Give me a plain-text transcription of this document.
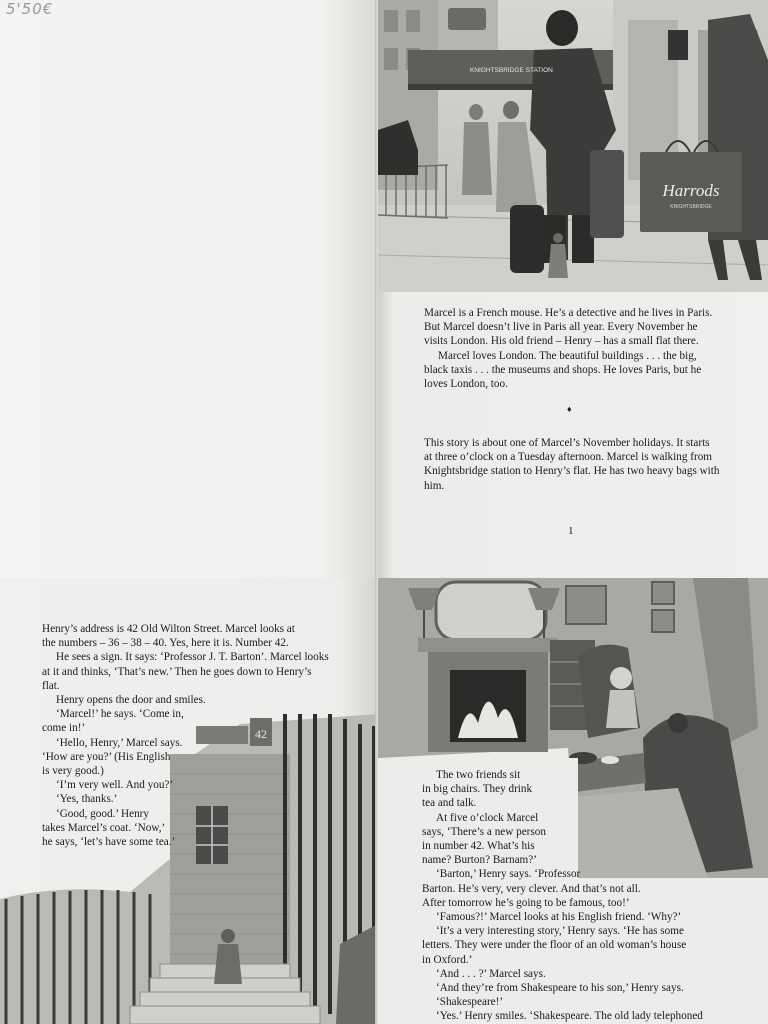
5'50€
Harrods
KNIGHTSBRIDGE
KNIGHTSBRIDGE STATION

Marcel is a French mouse. He’s a detective and he lives in Paris. But Marcel doesn’t live in Paris all year. Every November he visits London. His old friend – Henry – has a small flat there.

Marcel loves London. The beautiful buildings . . . the big, black taxis . . . the museums and shops. He loves Paris, but he loves London, too.

♦

This story is about one of Marcel’s November holidays. It starts at three o’clock on a Tuesday afternoon. Marcel is walking from Knightsbridge station to Henry’s flat. He has two heavy bags with him.

1
42

Henry’s address is 42 Old Wilton Street. Marcel looks at

the numbers – 36 – 38 – 40. Yes, here it is. Number 42.

He sees a sign. It says: ‘Professor J. T. Barton’. Marcel looks

at it and thinks, ‘That’s new.’ Then he goes down to Henry’s

flat.

Henry opens the door and smiles.

‘Marcel!’ he says. ‘Come in,

come in!’

‘Hello, Henry,’ Marcel says.

‘How are you?’ (His English

is very good.)

‘I’m very well. And you?’

‘Yes, thanks.’

‘Good, good.’ Henry

takes Marcel’s coat. ‘Now,’

he says, ‘let’s have some tea.’

The two friends sit

in big chairs. They drink

tea and talk.

At five o’clock Marcel

says, ‘There’s a new person

in number 42. What’s his

name? Burton? Barnam?’

‘Barton,’ Henry says. ‘Professor

Barton. He’s very, very clever. And that’s not all.

After tomorrow he’s going to be famous, too!’

‘Famous?!’ Marcel looks at his English friend. ‘Why?’

‘It’s a very interesting story,’ Henry says. ‘He has some

letters. They were under the floor of an old woman’s house

in Oxford.’

‘And . . . ?’ Marcel says.

‘And they’re from Shakespeare to his son,’ Henry says.

‘Shakespeare!’

‘Yes.’ Henry smiles. ‘Shakespeare. The old lady telephoned
